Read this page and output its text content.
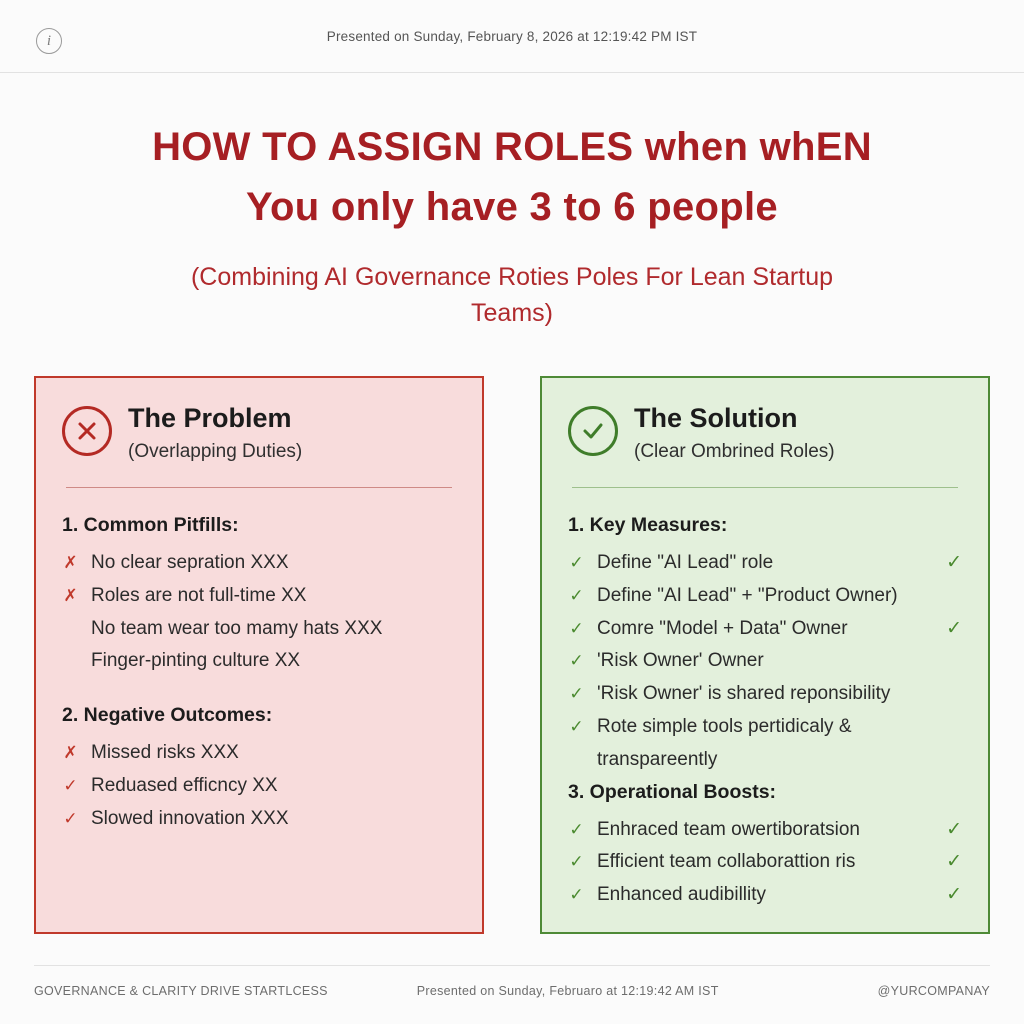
i	Presented on Sunday, February 8, 2026 at 12:19:42 PM IST
HOW TO ASSIGN ROLES when whEN
You only have 3 to 6 people
(Combining AI Governance Roties Poles For Lean Startup Teams)
The Problem
(Overlapping Duties)
1. Common Pitfills:
✗ No clear sepration XXX
✗ Roles are not full-time XX
No team wear too mamy hats XXX
Finger-pinting culture XX
2. Negative Outcomes:
✗ Missed risks XXX
✓ Reduased efficncy XX
✓ Slowed innovation XXX
The Solution
(Clear Ombrined Roles)
1. Key Measures:
✓ Define "AI Lead" role	✓
✓ Define "AI Lead" + "Product Owner)
✓ Comre "Model + Data" Owner	✓
✓ 'Risk Owner' Owner
✓ 'Risk Owner' is shared reponsibility
✓ Rote simple tools pertidicaly &
transpareently
3. Operational Boosts:
✓ Enhraced team owertiboratsion	✓
✓ Efficient team collaborattion ris	✓
✓ Enhanced audibillity	✓
GOVERNANCE & CLARITY DRIVE STARTLCESS	Presented on Sunday, Februaro at 12:19:42 AM IST	@YURCOMPANAY
